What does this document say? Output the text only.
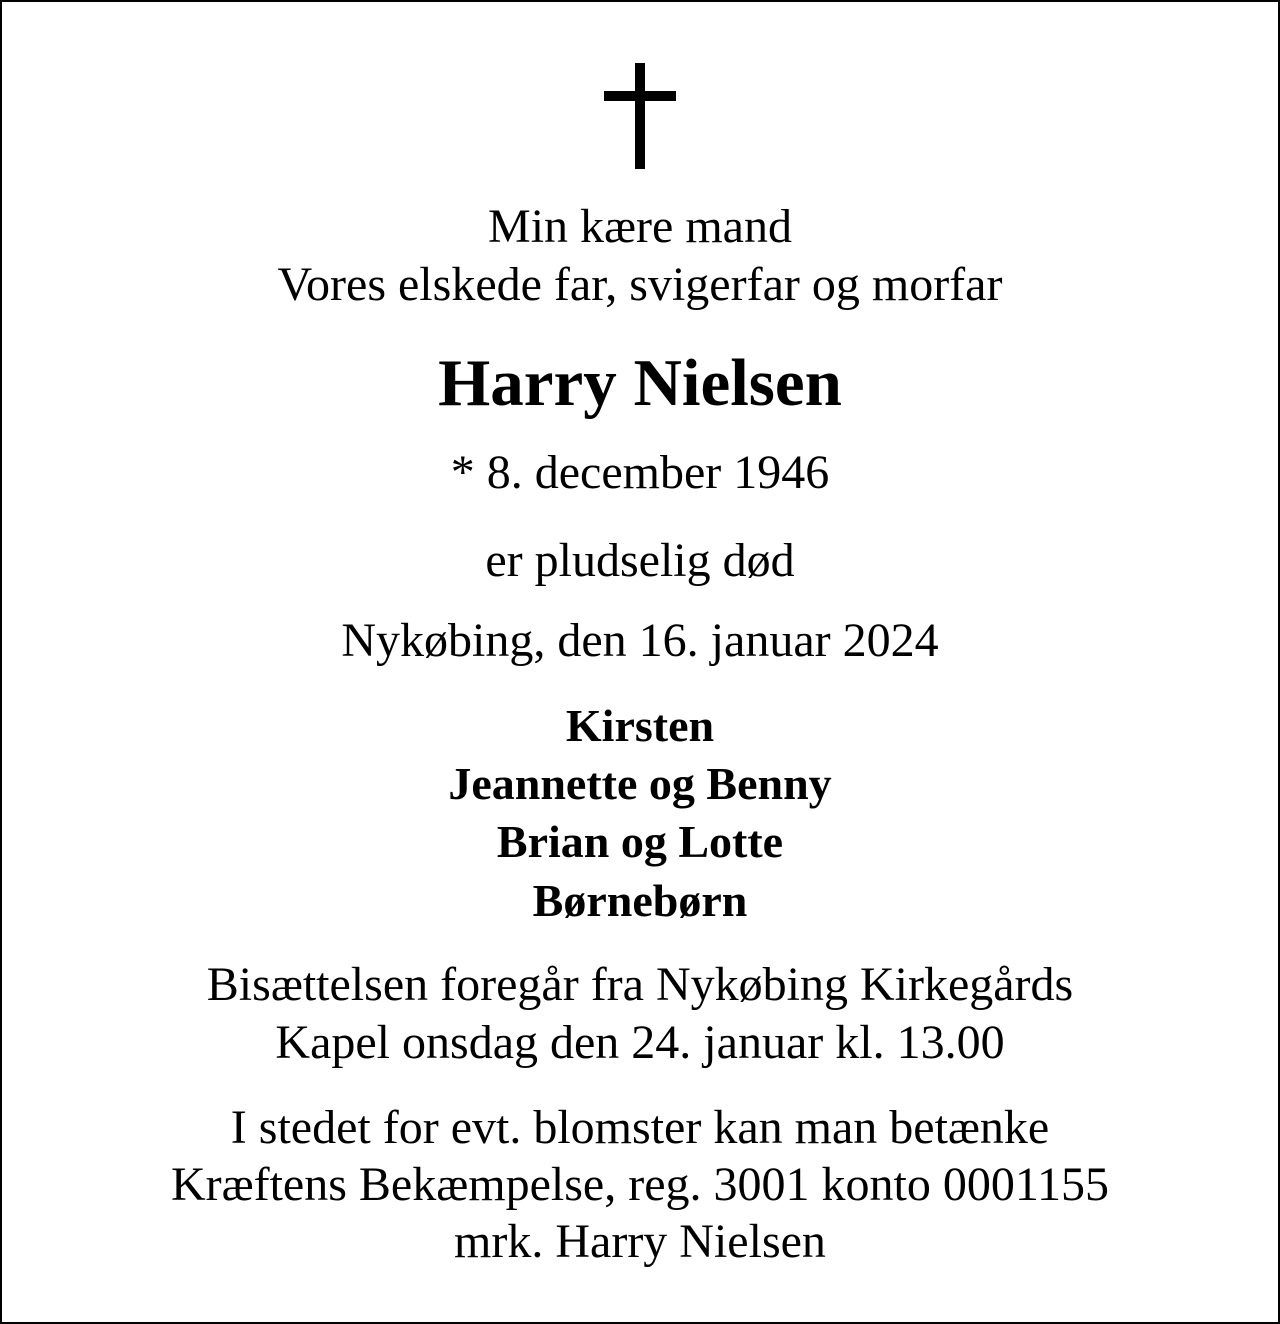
Min kære mand
Vores elskede far, svigerfar og morfar
Harry Nielsen
* 8. december 1946
er pludselig død
Nykøbing, den 16. januar 2024
Kirsten
Jeannette og Benny
Brian og Lotte
Børnebørn
Bisættelsen foregår fra Nykøbing Kirkegårds
Kapel onsdag den 24. januar kl. 13.00
I stedet for evt. blomster kan man betænke
Kræftens Bekæmpelse, reg. 3001 konto 0001155
mrk. Harry Nielsen
